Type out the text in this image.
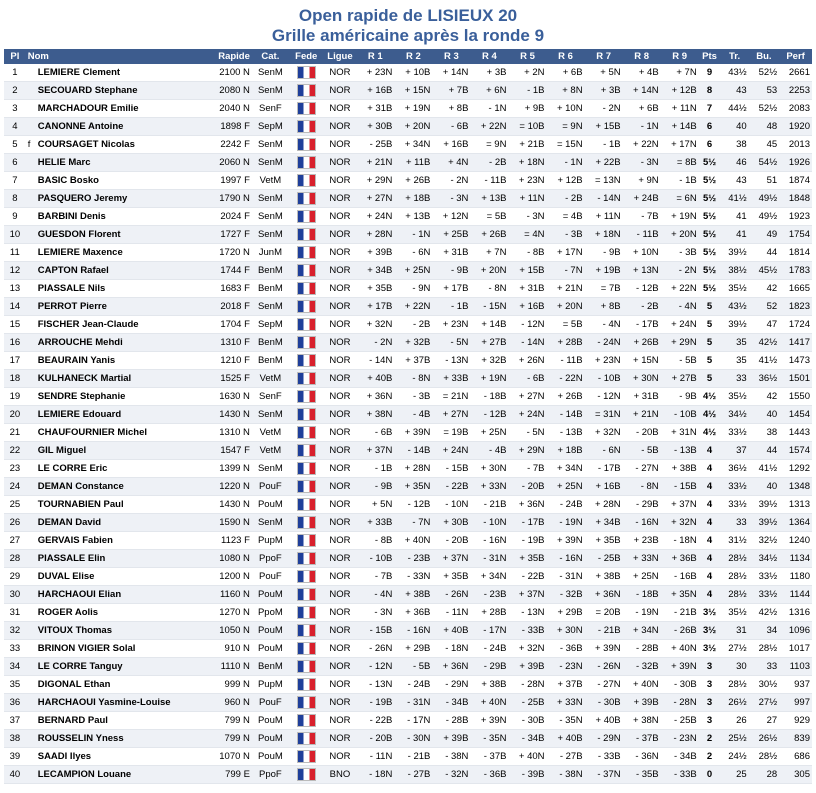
Open rapide de LISIEUX 20
Grille américaine après la ronde 9
Pl	Nom	Rapide	Cat.	Fede	Ligue	R 1	R 2	R 3	R 4	R 5	R 6	R 7	R 8	R 9	Pts	Tr.	Bu.	Perf
1	LEMIERE Clement	2100 N	SenM		NOR	+ 23N	+ 10B	+ 14N	+ 3B	+ 2N	+ 6B	+ 5N	+ 4B	+ 7N	9	43½	52½	2661
2	SECOUARD Stephane	2080 N	SenM		NOR	+ 16B	+ 15N	+ 7B	+ 6N	- 1B	+ 8N	+ 3B	+ 14N	+ 12B	8	43	53	2253
3	MARCHADOUR Emilie	2040 N	SenF		NOR	+ 31B	+ 19N	+ 8B	- 1N	+ 9B	+ 10N	- 2N	+ 6B	+ 11N	7	44½	52½	2083
4	CANONNE Antoine	1898 F	SepM		NOR	+ 30B	+ 20N	- 6B	+ 22N	= 10B	= 9N	+ 15B	- 1N	+ 14B	6	40	48	1920
5	f COURSAGET Nicolas	2242 F	SenM		NOR	- 25B	+ 34N	+ 16B	= 9N	+ 21B	= 15N	- 1B	+ 22N	+ 17N	6	38	45	2013
6	HELIE Marc	2060 N	SenM		NOR	+ 21N	+ 11B	+ 4N	- 2B	+ 18N	- 1N	+ 22B	- 3N	= 8B	5½	46	54½	1926
7	BASIC Bosko	1997 F	VetM		NOR	+ 29N	+ 26B	- 2N	- 11B	+ 23N	+ 12B	= 13N	+ 9N	- 1B	5½	43	51	1874
8	PASQUERO Jeremy	1790 N	SenM		NOR	+ 27N	+ 18B	- 3N	+ 13B	+ 11N	- 2B	- 14N	+ 24B	= 6N	5½	41½	49½	1848
9	BARBINI Denis	2024 F	SenM		NOR	+ 24N	+ 13B	+ 12N	= 5B	- 3N	= 4B	+ 11N	- 7B	+ 19N	5½	41	49½	1923
10	GUESDON Florent	1727 F	SenM		NOR	+ 28N	- 1N	+ 25B	+ 26B	= 4N	- 3B	+ 18N	- 11B	+ 20N	5½	41	49	1754
11	LEMIERE Maxence	1720 N	JunM		NOR	+ 39B	- 6N	+ 31B	+ 7N	- 8B	+ 17N	- 9B	+ 10N	- 3B	5½	39½	44	1814
12	CAPTON Rafael	1744 F	BenM		NOR	+ 34B	+ 25N	- 9B	+ 20N	+ 15B	- 7N	+ 19B	+ 13N	- 2N	5½	38½	45½	1783
13	PIASSALE Nils	1683 F	BenM		NOR	+ 35B	- 9N	+ 17B	- 8N	+ 31B	+ 21N	= 7B	- 12B	+ 22N	5½	35½	42	1665
14	PERROT Pierre	2018 F	SenM		NOR	+ 17B	+ 22N	- 1B	- 15N	+ 16B	+ 20N	+ 8B	- 2B	- 4N	5	43½	52	1823
15	FISCHER Jean-Claude	1704 F	SepM		NOR	+ 32N	- 2B	+ 23N	+ 14B	- 12N	= 5B	- 4N	- 17B	+ 24N	5	39½	47	1724
16	ARROUCHE Mehdi	1310 F	BenM		NOR	- 2N	+ 32B	- 5N	+ 27B	- 14N	+ 28B	- 24N	+ 26B	+ 29N	5	35	42½	1417
17	BEAURAIN Yanis	1210 F	BenM		NOR	- 14N	+ 37B	- 13N	+ 32B	+ 26N	- 11B	+ 23N	+ 15N	- 5B	5	35	41½	1473
18	KULHANECK Martial	1525 F	VetM		NOR	+ 40B	- 8N	+ 33B	+ 19N	- 6B	- 22N	- 10B	+ 30N	+ 27B	5	33	36½	1501
19	SENDRE Stephanie	1630 N	SenF		NOR	+ 36N	- 3B	= 21N	- 18B	+ 27N	+ 26B	- 12N	+ 31B	- 9B	4½	35½	42	1550
20	LEMIERE Edouard	1430 N	SenM		NOR	+ 38N	- 4B	+ 27N	- 12B	+ 24N	- 14B	= 31N	+ 21N	- 10B	4½	34½	40	1454
21	CHAUFOURNIER Michel	1310 N	VetM		NOR	- 6B	+ 39N	= 19B	+ 25N	- 5N	- 13B	+ 32N	- 20B	+ 31N	4½	33½	38	1443
22	GIL Miguel	1547 F	VetM		NOR	+ 37N	- 14B	+ 24N	- 4B	+ 29N	+ 18B	- 6N	- 5B	- 13B	4	37	44	1574
23	LE CORRE Eric	1399 N	SenM		NOR	- 1B	+ 28N	- 15B	+ 30N	- 7B	+ 34N	- 17B	- 27N	+ 38B	4	36½	41½	1292
24	DEMAN Constance	1220 N	PouF		NOR	- 9B	+ 35N	- 22B	+ 33N	- 20B	+ 25N	+ 16B	- 8N	- 15B	4	33½	40	1348
25	TOURNABIEN Paul	1430 N	PouM		NOR	+ 5N	- 12B	- 10N	- 21B	+ 36N	- 24B	+ 28N	- 29B	+ 37N	4	33½	39½	1313
26	DEMAN David	1590 N	SenM		NOR	+ 33B	- 7N	+ 30B	- 10N	- 17B	- 19N	+ 34B	- 16N	+ 32N	4	33	39½	1364
27	GERVAIS Fabien	1123 F	PupM		NOR	- 8B	+ 40N	- 20B	- 16N	- 19B	+ 39N	+ 35B	+ 23B	- 18N	4	31½	32½	1240
28	PIASSALE Elin	1080 N	PpoF		NOR	- 10B	- 23B	+ 37N	- 31N	+ 35B	- 16N	- 25B	+ 33N	+ 36B	4	28½	34½	1134
29	DUVAL Elise	1200 N	PouF		NOR	- 7B	- 33N	+ 35B	+ 34N	- 22B	- 31N	+ 38B	+ 25N	- 16B	4	28½	33½	1180
30	HARCHAOUI Elian	1160 N	PouM		NOR	- 4N	+ 38B	- 26N	- 23B	+ 37N	- 32B	+ 36N	- 18B	+ 35N	4	28½	33½	1144
31	ROGER Aolis	1270 N	PpoM		NOR	- 3N	+ 36B	- 11N	+ 28B	- 13N	+ 29B	= 20B	- 19N	- 21B	3½	35½	42½	1316
32	VITOUX Thomas	1050 N	PouM		NOR	- 15B	- 16N	+ 40B	- 17N	- 33B	+ 30N	- 21B	+ 34N	- 26B	3½	31	34	1096
33	BRINON VIGIER Solal	910 N	PouM		NOR	- 26N	+ 29B	- 18N	- 24B	+ 32N	- 36B	+ 39N	- 28B	+ 40N	3½	27½	28½	1017
34	LE CORRE Tanguy	1110 N	BenM		NOR	- 12N	- 5B	+ 36N	- 29B	+ 39B	- 23N	- 26N	- 32B	+ 39N	3	30	33	1103
35	DIGONAL Ethan	999 N	PupM		NOR	- 13N	- 24B	- 29N	+ 38B	- 28N	+ 37B	- 27N	+ 40N	- 30B	3	28½	30½	937
36	HARCHAOUI Yasmine-Louise	960 N	PouF		NOR	- 19B	- 31N	- 34B	+ 40N	- 25B	+ 33N	- 30B	+ 39B	- 28N	3	26½	27½	997
37	BERNARD Paul	799 N	PouM		NOR	- 22B	- 17N	- 28B	+ 39N	- 30B	- 35N	+ 40B	+ 38N	- 25B	3	26	27	929
38	ROUSSELIN Yness	799 N	PouM		NOR	- 20B	- 30N	+ 39B	- 35N	- 34B	+ 40B	- 29N	- 37B	- 23N	2	25½	26½	839
39	SAADI Ilyes	1070 N	PouM		NOR	- 11N	- 21B	- 38N	- 37B	+ 40N	- 27B	- 33B	- 36N	- 34B	2	24½	28½	686
40	LECAMPION Louane	799 E	PpoF		BNO	- 18N	- 27B	- 32N	- 36B	- 39B	- 38N	- 37N	- 35B	- 33B	0	25	28	305
